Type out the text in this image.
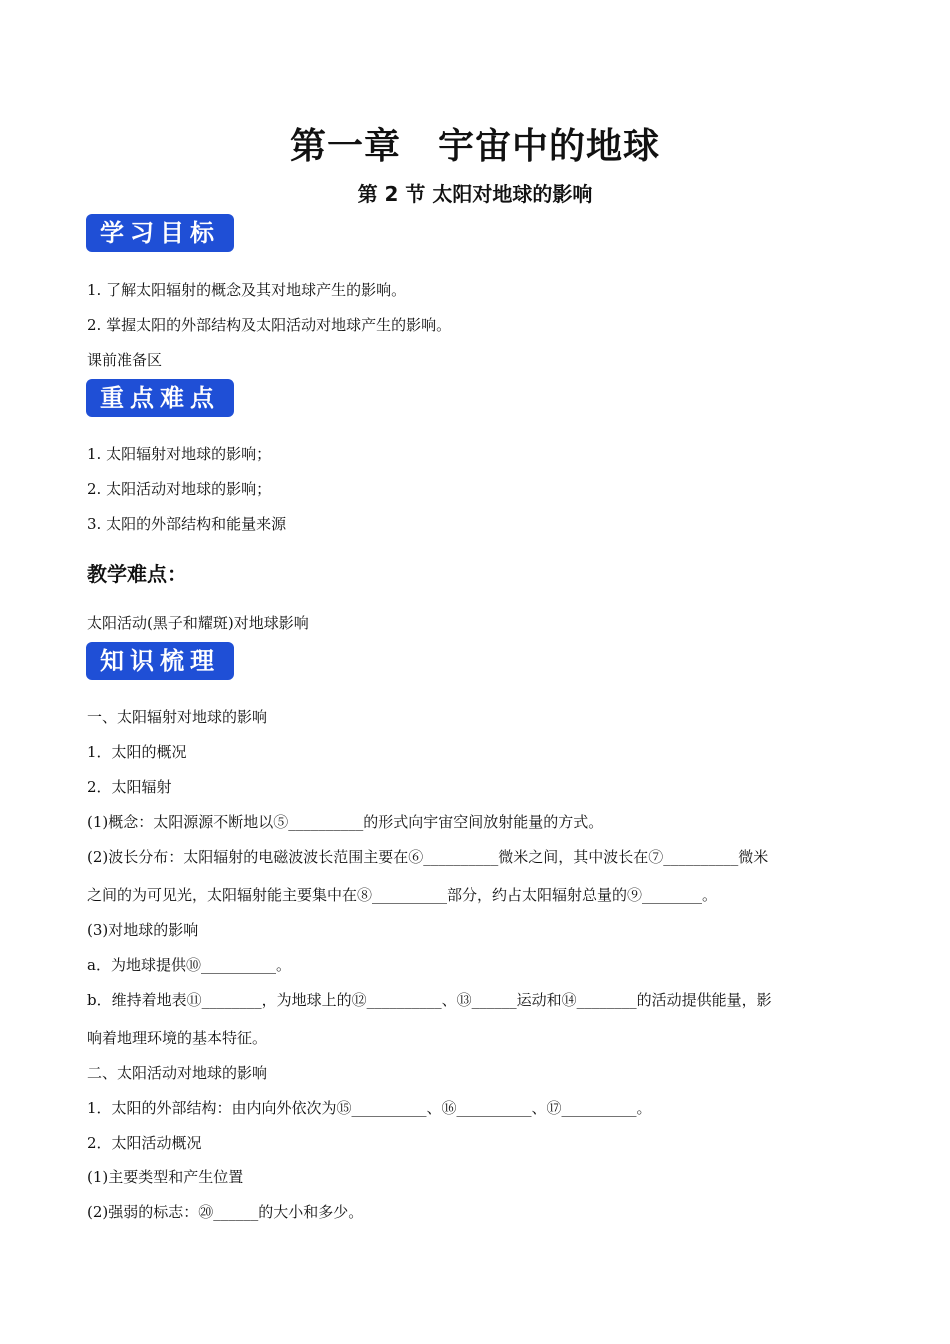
第一章　宇宙中的地球
第 2 节 太阳对地球的影响
学习目标
1. 了解太阳辐射的概念及其对地球产生的影响。
2. 掌握太阳的外部结构及太阳活动对地球产生的影响。
课前准备区
重点难点
1. 太阳辐射对地球的影响；
2. 太阳活动对地球的影响；
3. 太阳的外部结构和能量来源
教学难点：
太阳活动(黑子和耀斑)对地球影响
知识梳理
一、太阳辐射对地球的影响
1．太阳的概况
2．太阳辐射
(1)概念：太阳源源不断地以⑤__________的形式向宇宙空间放射能量的方式。
(2)波长分布：太阳辐射的电磁波波长范围主要在⑥__________微米之间，其中波长在⑦__________微米
之间的为可见光，太阳辐射能主要集中在⑧__________部分，约占太阳辐射总量的⑨________。
(3)对地球的影响
a．为地球提供⑩__________。
b．维持着地表⑪________，为地球上的⑫__________、⑬______运动和⑭________的活动提供能量，影
响着地理环境的基本特征。
二、太阳活动对地球的影响
1．太阳的外部结构：由内向外依次为⑮__________、⑯__________、⑰__________。
2．太阳活动概况
(1)主要类型和产生位置
(2)强弱的标志：⑳______的大小和多少。
